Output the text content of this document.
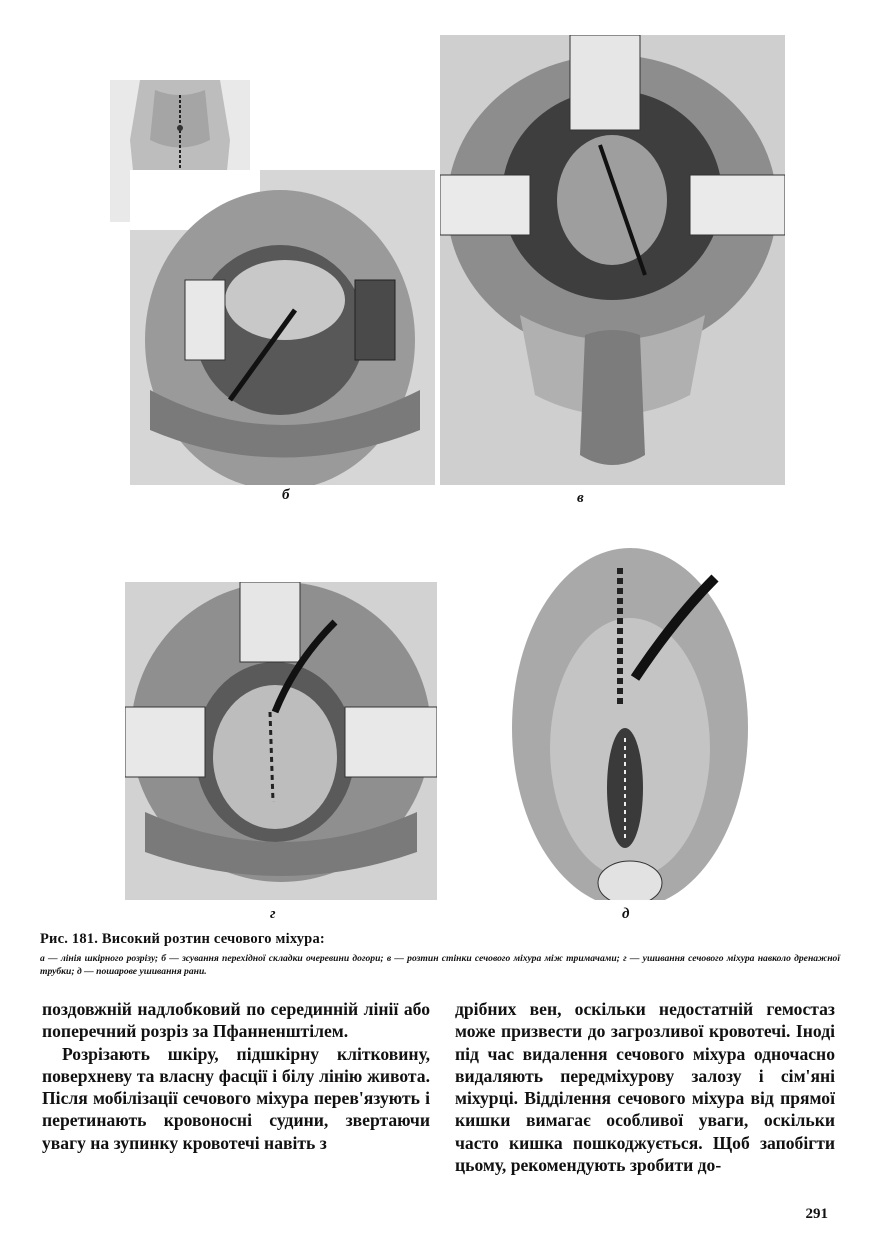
б	в
г	д
Рис. 181. Високий розтин сечового міхура:
а — лінія шкірного розрізу; б — зсування перехідної складки очеревини догори; в — розтин стінки сечового міхура між тримачами; г — ушивання сечового міхура навколо дренажної трубки; д — пошарове ушивання рани.

поздовжній надлобковий по серединній лінії або поперечний розріз за Пфанненштілем.

Розрізають шкіру, підшкірну клітковину, поверхневу та власну фасції і білу лінію живота. Після мобілізації сечового міхура перев'язують і перетинають кровоносні судини, звертаючи увагу на зупинку кровотечі навіть з

дрібних вен, оскільки недостатній гемостаз може призвести до загрозливої кровотечі. Іноді під час видалення сечового міхура одночасно видаляють передміхурову залозу і сім'яні міхурці. Відділення сечового міхура від прямої кишки вимагає особливої уваги, оскільки часто кишка пошкоджується. Щоб запобігти цьому, рекомендують зробити до-

291
